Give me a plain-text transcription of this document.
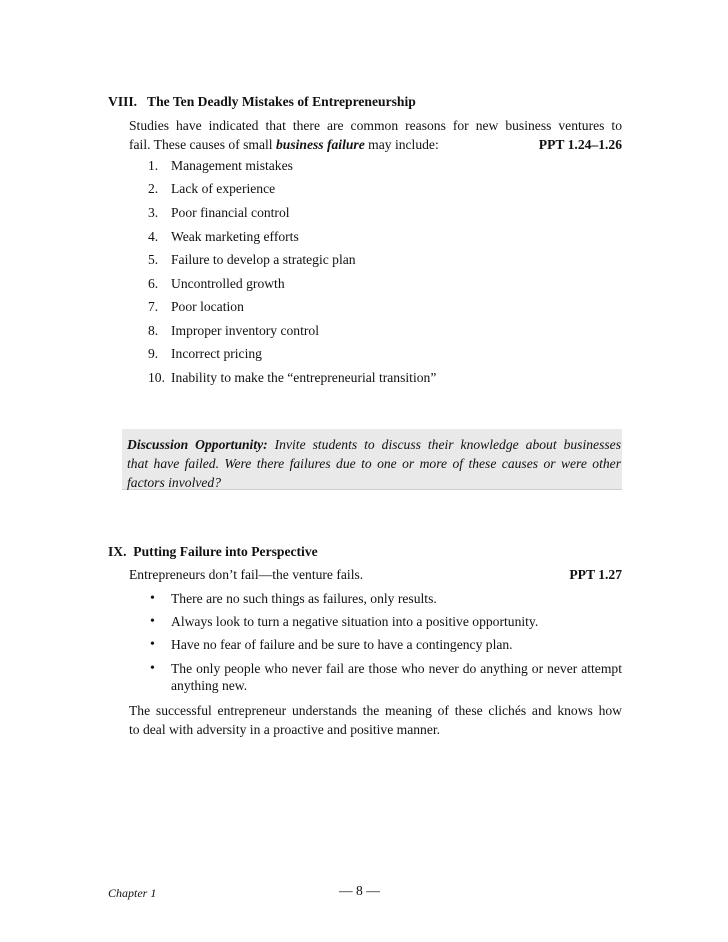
VIII.   The Ten Deadly Mistakes of Entrepreneurship
Studies have indicated that there are common reasons for new business ventures to
fail. These causes of small business failure may include:	PPT 1.24–1.26
1. Management mistakes
2. Lack of experience
3. Poor financial control
4. Weak marketing efforts
5. Failure to develop a strategic plan
6. Uncontrolled growth
7. Poor location
8. Improper inventory control
9. Incorrect pricing
10. Inability to make the “entrepreneurial transition”
Discussion Opportunity: Invite students to discuss their knowledge about businesses
that have failed. Were there failures due to one or more of these causes or were other
factors involved?
IX.  Putting Failure into Perspective
Entrepreneurs don’t fail—the venture fails.	PPT 1.27
• There are no such things as failures, only results.
• Always look to turn a negative situation into a positive opportunity.
• Have no fear of failure and be sure to have a contingency plan.
• The only people who never fail are those who never do anything or never attempt anything new.
The successful entrepreneur understands the meaning of these clichés and knows how
to deal with adversity in a proactive and positive manner.
Chapter 1	— 8 —
